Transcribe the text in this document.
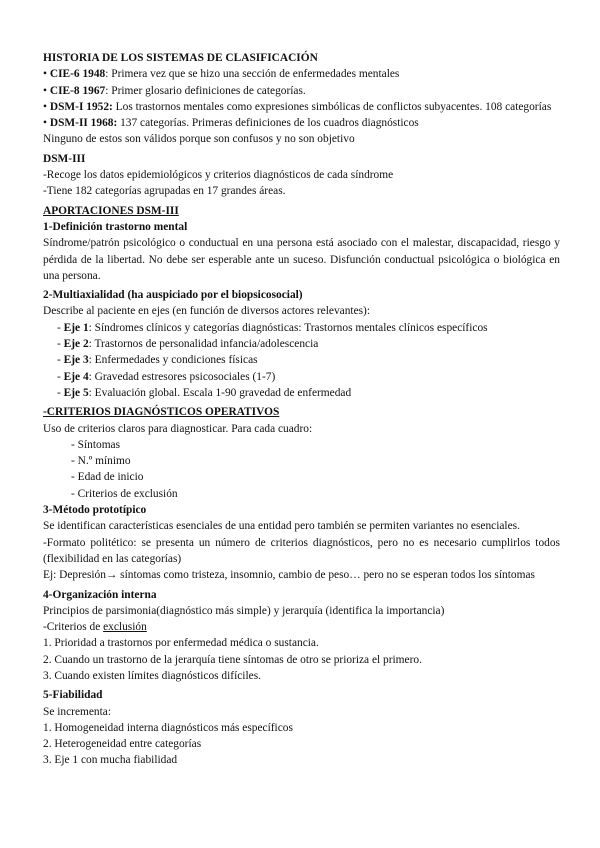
HISTORIA DE LOS SISTEMAS DE CLASIFICACIÓN

• CIE-6 1948: Primera vez que se hizo una sección de enfermedades mentales

• CIE-8 1967: Primer glosario definiciones de categorías.

• DSM-I 1952: Los trastornos mentales como expresiones simbólicas de conflictos subyacentes. 108 categorías

• DSM-II 1968: 137 categorías. Primeras definiciones de los cuadros diagnósticos

Ninguno de estos son válidos porque son confusos y no son objetivo

DSM-III

-Recoge los datos epidemiológicos y criterios diagnósticos de cada síndrome

-Tiene 182 categorías agrupadas en 17 grandes áreas.

APORTACIONES DSM-III

1-Definición trastorno mental

Síndrome/patrón psicológico o conductual en una persona está asociado con el malestar, discapacidad, riesgo y pérdida de la libertad. No debe ser esperable ante un suceso. Disfunción conductual psicológica o biológica en una persona.

2-Multiaxialidad (ha auspiciado por el biopsicosocial)

Describe al paciente en ejes (en función de diversos actores relevantes):

- Eje 1: Síndromes clínicos y categorías diagnósticas: Trastornos mentales clínicos específicos

- Eje 2: Trastornos de personalidad infancia/adolescencia

- Eje 3: Enfermedades y condiciones físicas

- Eje 4: Gravedad estresores psicosociales (1-7)

- Eje 5: Evaluación global. Escala 1-90 gravedad de enfermedad

-CRITERIOS DIAGNÓSTICOS OPERATIVOS

Uso de criterios claros para diagnosticar. Para cada cuadro:

- Síntomas

- N.º mínimo

- Edad de inicio

- Criterios de exclusión

3-Método prototípico

Se identifican características esenciales de una entidad pero también se permiten variantes no esenciales.

-Formato politético: se presenta un número de criterios diagnósticos, pero no es necesario cumplirlos todos (flexibilidad en las categorías)

Ej: Depresión→ síntomas como tristeza, insomnio, cambio de peso… pero no se esperan todos los síntomas

4-Organización interna

Principios de parsimonia(diagnóstico más simple) y jerarquía (identifica la importancia)

-Criterios de exclusión

1. Prioridad a trastornos por enfermedad médica o sustancia.

2. Cuando un trastorno de la jerarquía tiene síntomas de otro se prioriza el primero.

3. Cuando existen límites diagnósticos difíciles.

5-Fiabilidad

Se incrementa:

1. Homogeneidad interna diagnósticos más específicos

2. Heterogeneidad entre categorías

3. Eje 1 con mucha fiabilidad
